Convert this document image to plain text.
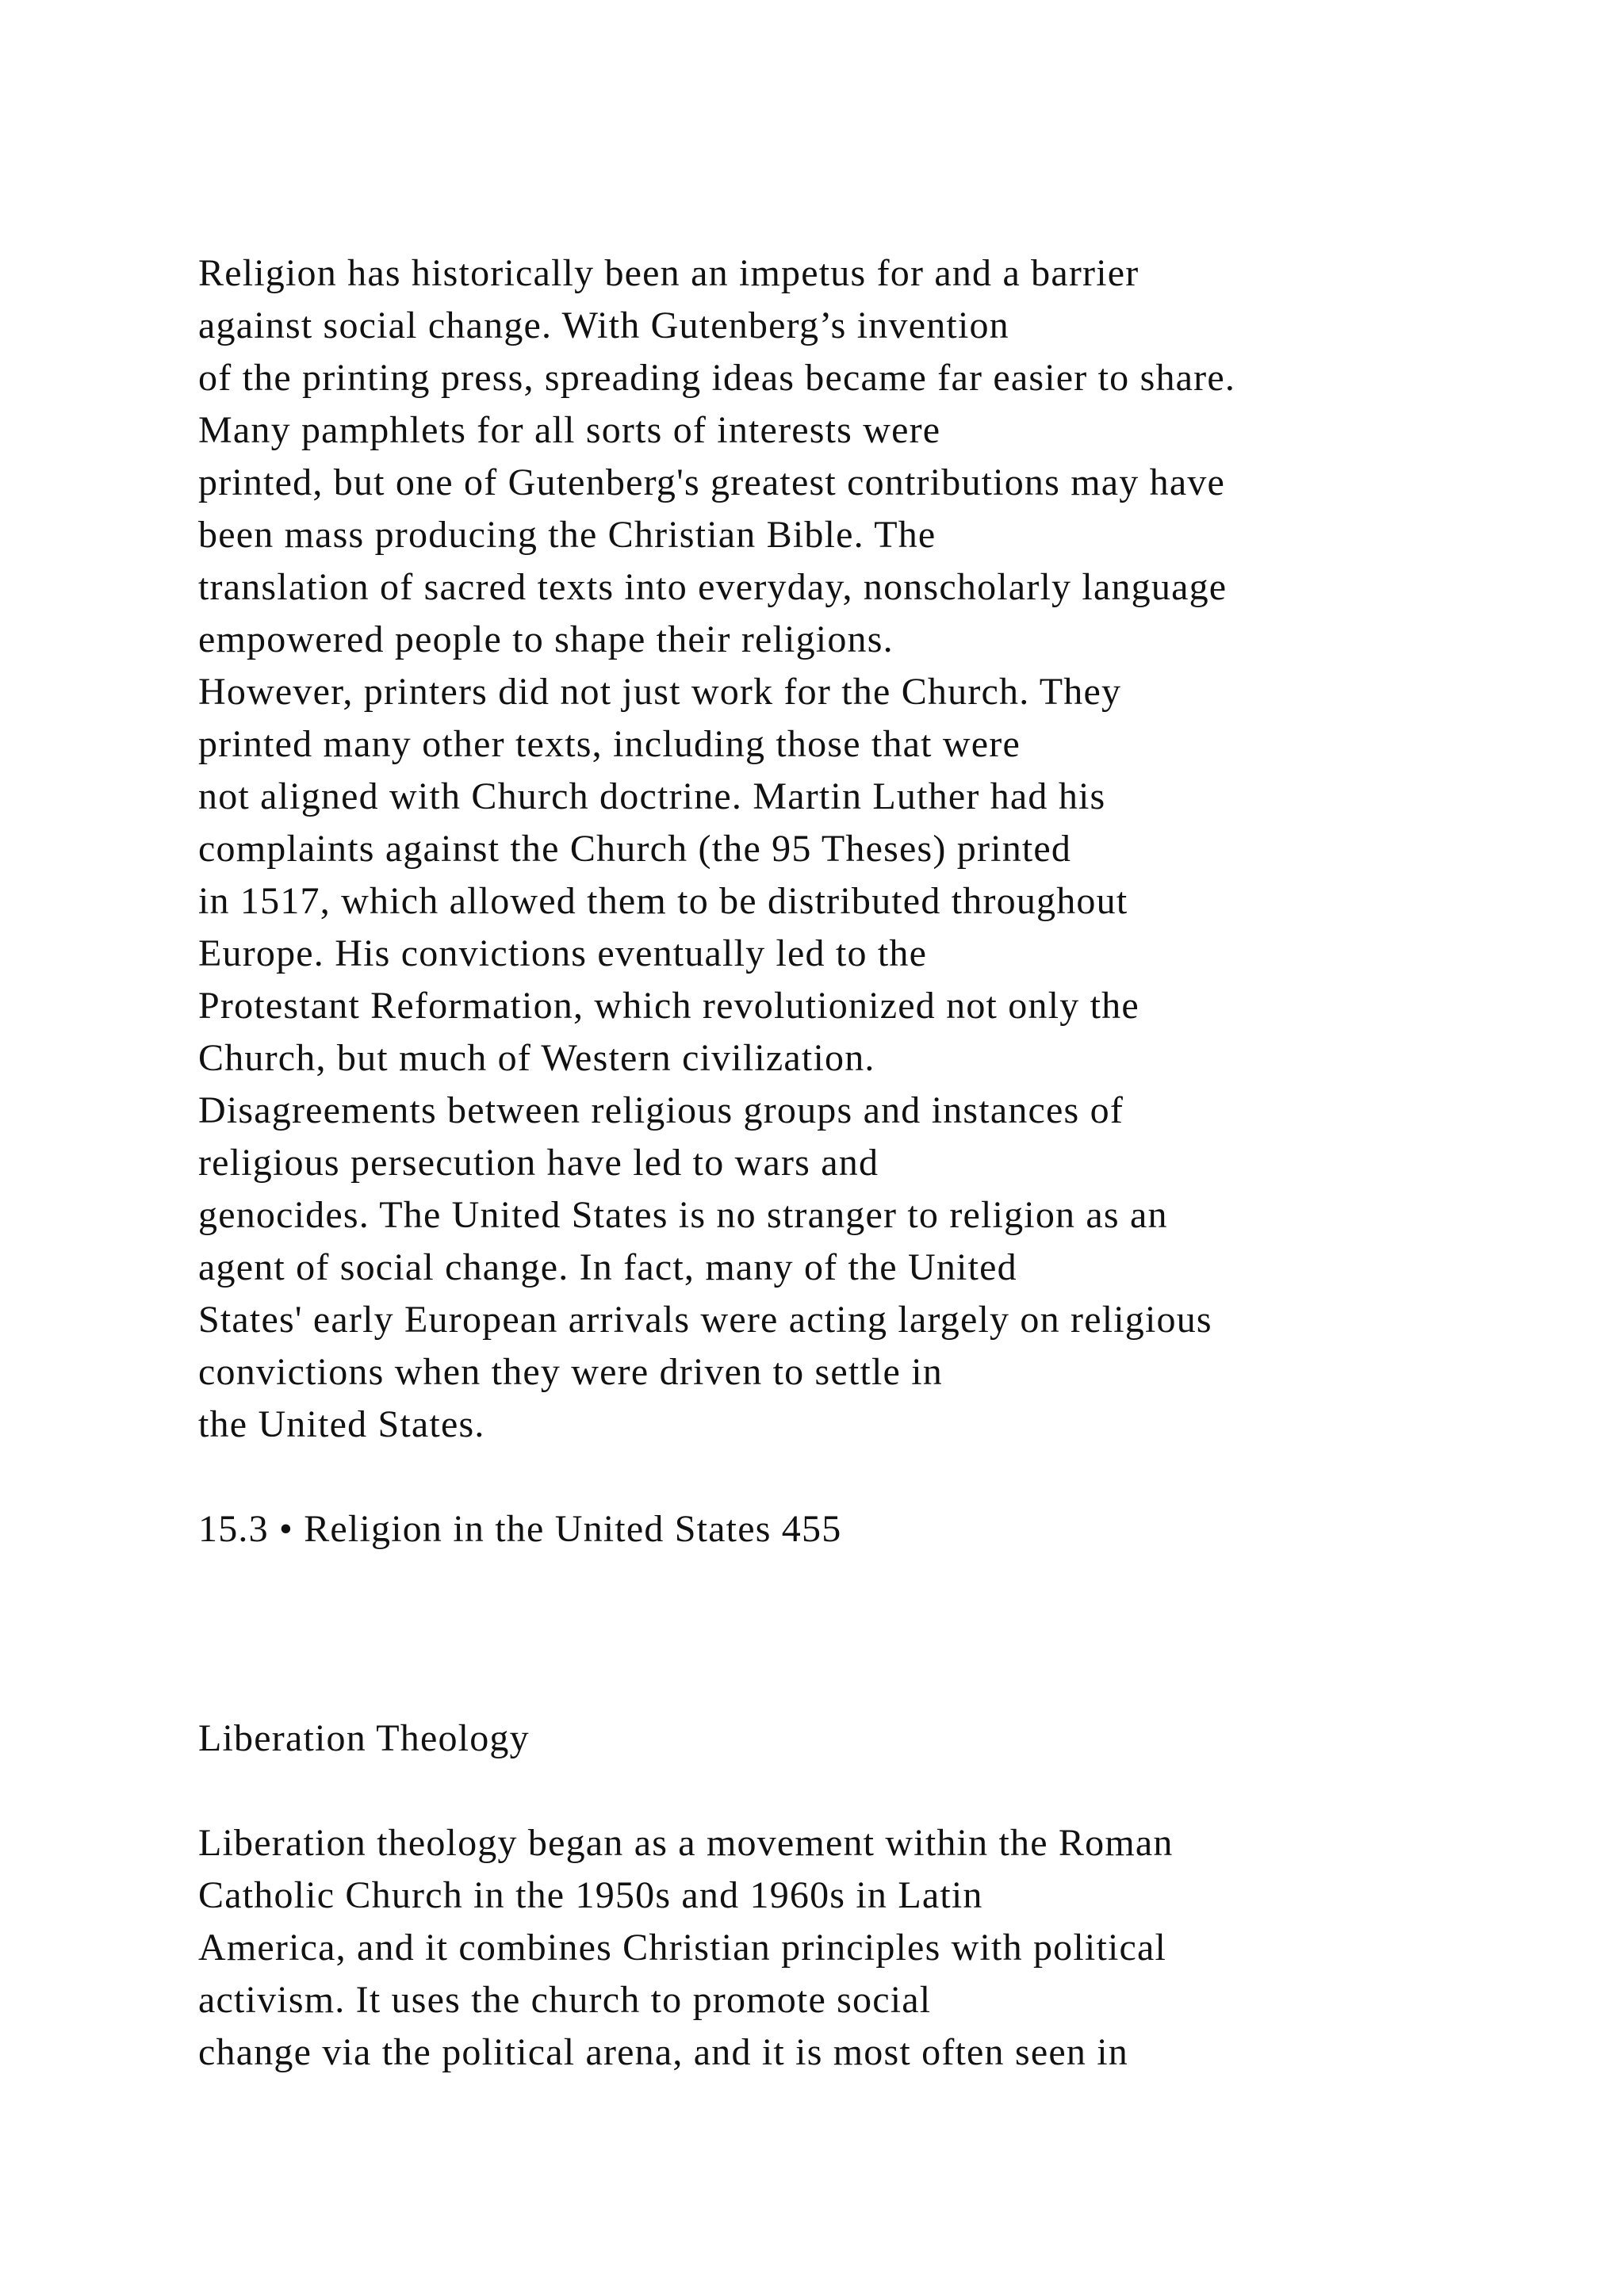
Religion has historically been an impetus for and a barrier
against social change. With Gutenberg’s invention
of the printing press, spreading ideas became far easier to share.
Many pamphlets for all sorts of interests were
printed, but one of Gutenberg's greatest contributions may have
been mass producing the Christian Bible. The
translation of sacred texts into everyday, nonscholarly language
empowered people to shape their religions.
However, printers did not just work for the Church. They
printed many other texts, including those that were
not aligned with Church doctrine. Martin Luther had his
complaints against the Church (the 95 Theses) printed
in 1517, which allowed them to be distributed throughout
Europe. His convictions eventually led to the
Protestant Reformation, which revolutionized not only the
Church, but much of Western civilization.
Disagreements between religious groups and instances of
religious persecution have led to wars and
genocides. The United States is no stranger to religion as an
agent of social change. In fact, many of the United
States' early European arrivals were acting largely on religious
convictions when they were driven to settle in
the United States.
15.3 • Religion in the United States 455
Liberation Theology
Liberation theology began as a movement within the Roman
Catholic Church in the 1950s and 1960s in Latin
America, and it combines Christian principles with political
activism. It uses the church to promote social
change via the political arena, and it is most often seen in
